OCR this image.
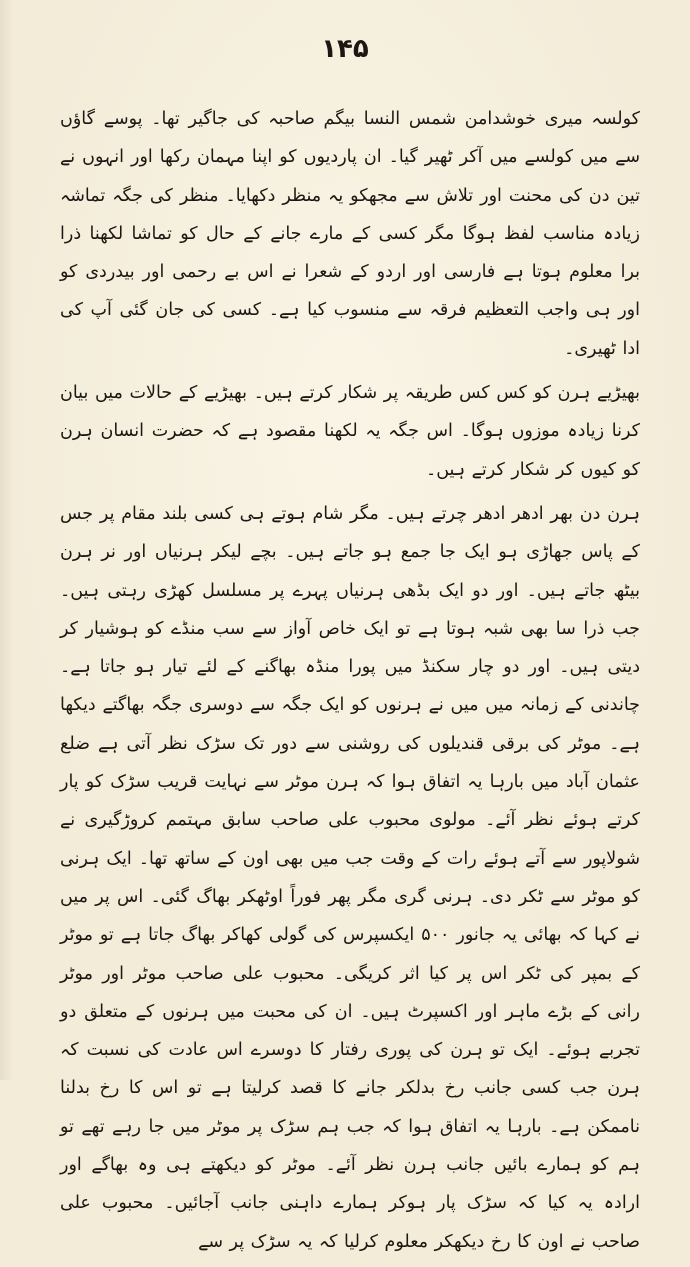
۱۴۵

کولسہ میری خوشدامن شمس النسا بیگم صاحبہ کی جاگیر تھا۔ پوسے گاؤں سے میں کولسے میں آکر ٹھیر گیا۔ ان پاردیوں کو اپنا مہمان رکھا اور انہوں نے تین دن کی محنت اور تلاش سے مجھکو یہ منظر دکھایا۔ منظر کی جگہ تماشہ زیادہ مناسب لفظ ہوگا مگر کسی کے مارے جانے کے حال کو تماشا لکھنا ذرا برا معلوم ہوتا ہے فارسی اور اردو کے شعرا نے اس بے رحمی اور بیدردی کو اور ہی واجب التعظیم فرقہ سے منسوب کیا ہے۔ کسی کی جان گئی آپ کی ادا ٹھیری۔

بھیڑیے ہرن کو کس کس طریقہ پر شکار کرتے ہیں۔ بھیڑیے کے حالات میں بیان کرنا زیادہ موزوں ہوگا۔ اس جگہ یہ لکھنا مقصود ہے کہ حضرت انسان ہرن کو کیوں کر شکار کرتے ہیں۔

ہرن دن بھر ادھر ادھر چرتے ہیں۔ مگر شام ہوتے ہی کسی بلند مقام پر جس کے پاس جھاڑی ہو ایک جا جمع ہو جاتے ہیں۔ بچے لیکر ہرنیاں اور نر ہرن بیٹھ جاتے ہیں۔ اور دو ایک بڈھی ہرنیاں پہرے پر مسلسل کھڑی رہتی ہیں۔ جب ذرا سا بھی شبہ ہوتا ہے تو ایک خاص آواز سے سب منڈے کو ہوشیار کر دیتی ہیں۔ اور دو چار سکنڈ میں پورا منڈہ بھاگنے کے لئے تیار ہو جاتا ہے۔ چاندنی کے زمانہ میں میں نے ہرنوں کو ایک جگہ سے دوسری جگہ بھاگتے دیکھا ہے۔ موٹر کی برقی قندیلوں کی روشنی سے دور تک سڑک نظر آتی ہے ضلع عثمان آباد میں بارہا یہ اتفاق ہوا کہ ہرن موٹر سے نہایت قریب سڑک کو پار کرتے ہوئے نظر آئے۔ مولوی محبوب علی صاحب سابق مہتمم کروڑگیری نے شولاپور سے آتے ہوئے رات کے وقت جب میں بھی اون کے ساتھ تھا۔ ایک ہرنی کو موٹر سے ٹکر دی۔ ہرنی گری مگر پھر فوراً اوٹھکر بھاگ گئی۔ اس پر میں نے کہا کہ بھائی یہ جانور ۵۰۰ ایکسپرس کی گولی کھاکر بھاگ جاتا ہے تو موٹر کے بمپر کی ٹکر اس پر کیا اثر کریگی۔ محبوب علی صاحب موٹر اور موٹر رانی کے بڑے ماہر اور اکسپرٹ ہیں۔ ان کی محبت میں ہرنوں کے متعلق دو تجربے ہوئے۔ ایک تو ہرن کی پوری رفتار کا دوسرے اس عادت کی نسبت کہ ہرن جب کسی جانب رخ بدلکر جانے کا قصد کرلیتا ہے تو اس کا رخ بدلنا ناممکن ہے۔ بارہا یہ اتفاق ہوا کہ جب ہم سڑک پر موٹر میں جا رہے تھے تو ہم کو ہمارے بائیں جانب ہرن نظر آئے۔ موٹر کو دیکھتے ہی وہ بھاگے اور ارادہ یہ کیا کہ سڑک پار ہوکر ہمارے داہنی جانب آجائیں۔ محبوب علی صاحب نے اون کا رخ دیکھکر معلوم کرلیا کہ یہ سڑک پر سے
